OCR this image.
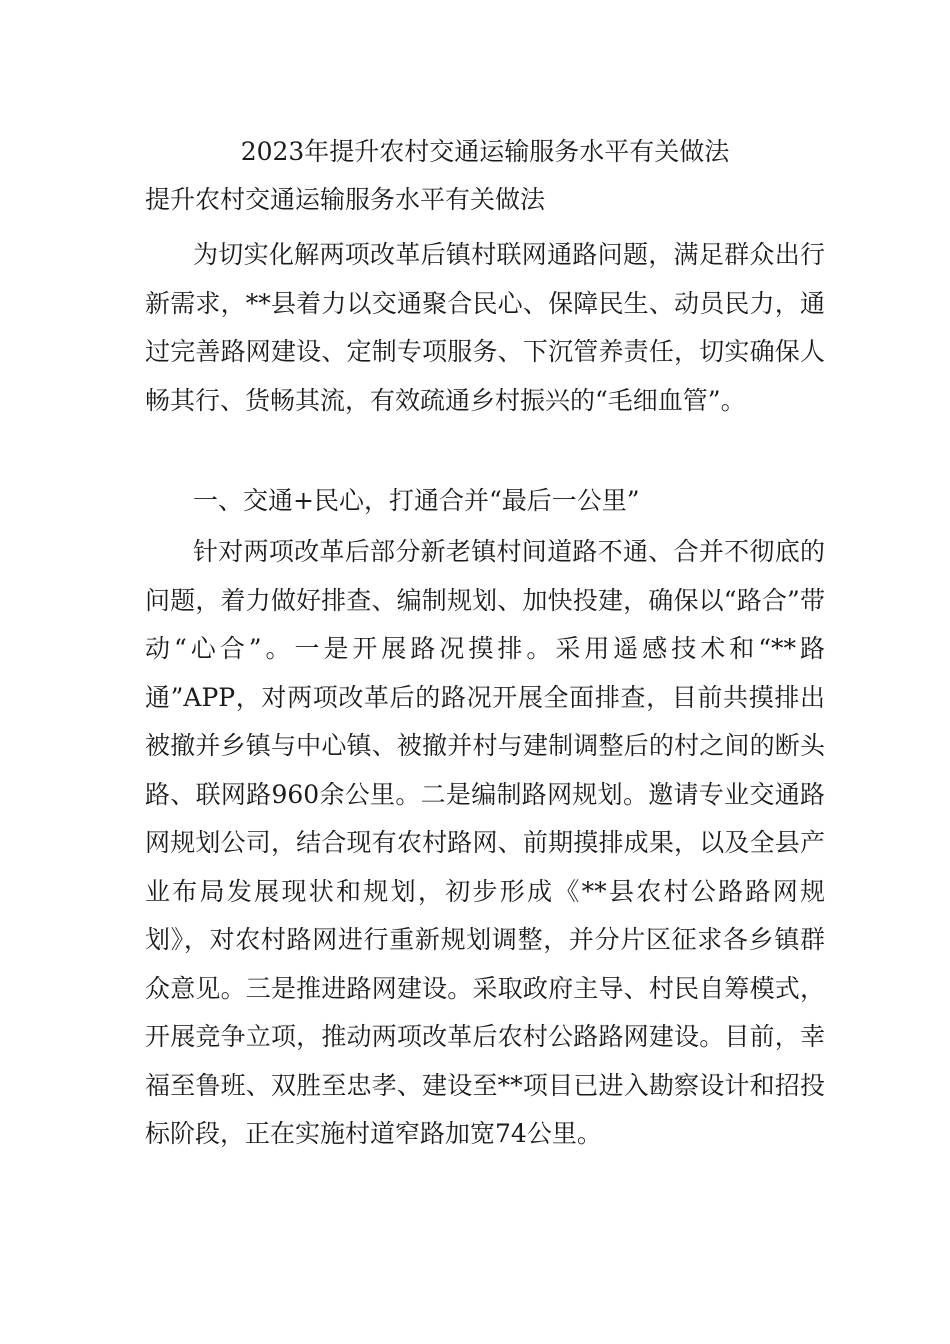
2023年提升农村交通运输服务水平有关做法
提升农村交通运输服务水平有关做法

为切实化解两项改革后镇村联网通路问题，满足群众出行新需求，**县着力以交通聚合民心、保障民生、动员民力，通过完善路网建设、定制专项服务、下沉管养责任，切实确保人畅其行、货畅其流，有效疏通乡村振兴的“毛细血管”。

一、交通+民心，打通合并“最后一公里”

针对两项改革后部分新老镇村间道路不通、合并不彻底的问题，着力做好排查、编制规划、加快投建，确保以“路合”带动“心合”。一是开展路况摸排。采用遥感技术和“**路通”APP，对两项改革后的路况开展全面排查，目前共摸排出被撤并乡镇与中心镇、被撤并村与建制调整后的村之间的断头路、联网路960余公里。二是编制路网规划。邀请专业交通路网规划公司，结合现有农村路网、前期摸排成果，以及全县产业布局发展现状和规划，初步形成《**县农村公路路网规划》，对农村路网进行重新规划调整，并分片区征求各乡镇群众意见。三是推进路网建设。采取政府主导、村民自筹模式，开展竞争立项，推动两项改革后农村公路路网建设。目前，幸福至鲁班、双胜至忠孝、建设至**项目已进入勘察设计和招投标阶段，正在实施村道窄路加宽74公里。
